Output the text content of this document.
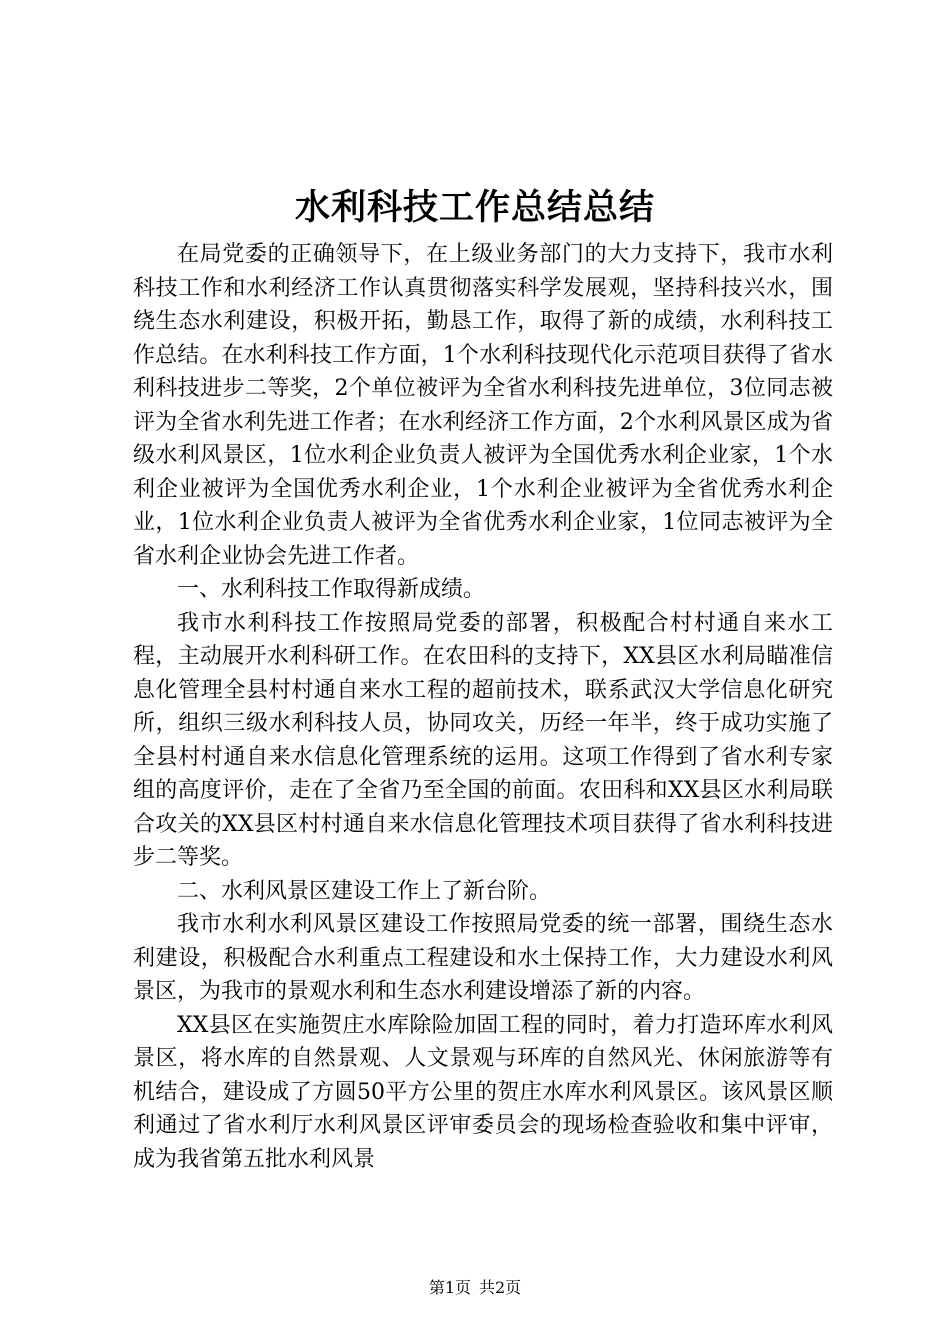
水利科技工作总结总结

在局党委的正确领导下，在上级业务部门的大力支持下，我市水利科技工作和水利经济工作认真贯彻落实科学发展观，坚持科技兴水，围绕生态水利建设，积极开拓，勤恳工作，取得了新的成绩，水利科技工作总结。在水利科技工作方面，1个水利科技现代化示范项目获得了省水利科技进步二等奖，2个单位被评为全省水利科技先进单位，3位同志被评为全省水利先进工作者；在水利经济工作方面，2个水利风景区成为省级水利风景区，1位水利企业负责人被评为全国优秀水利企业家，1个水利企业被评为全国优秀水利企业，1个水利企业被评为全省优秀水利企业，1位水利企业负责人被评为全省优秀水利企业家，1位同志被评为全省水利企业协会先进工作者。

一、水利科技工作取得新成绩。

我市水利科技工作按照局党委的部署，积极配合村村通自来水工程，主动展开水利科研工作。在农田科的支持下，XX县区水利局瞄准信息化管理全县村村通自来水工程的超前技术，联系武汉大学信息化研究所，组织三级水利科技人员，协同攻关，历经一年半，终于成功实施了全县村村通自来水信息化管理系统的运用。这项工作得到了省水利专家组的高度评价，走在了全省乃至全国的前面。农田科和XX县区水利局联合攻关的XX县区村村通自来水信息化管理技术项目获得了省水利科技进步二等奖。

二、水利风景区建设工作上了新台阶。

我市水利水利风景区建设工作按照局党委的统一部署，围绕生态水利建设，积极配合水利重点工程建设和水土保持工作，大力建设水利风景区，为我市的景观水利和生态水利建设增添了新的内容。

XX县区在实施贺庄水库除险加固工程的同时，着力打造环库水利风景区，将水库的自然景观、人文景观与环库的自然风光、休闲旅游等有机结合，建设成了方圆50平方公里的贺庄水库水利风景区。该风景区顺利通过了省水利厅水利风景区评审委员会的现场检查验收和集中评审，成为我省第五批水利风景

第1页 共2页
